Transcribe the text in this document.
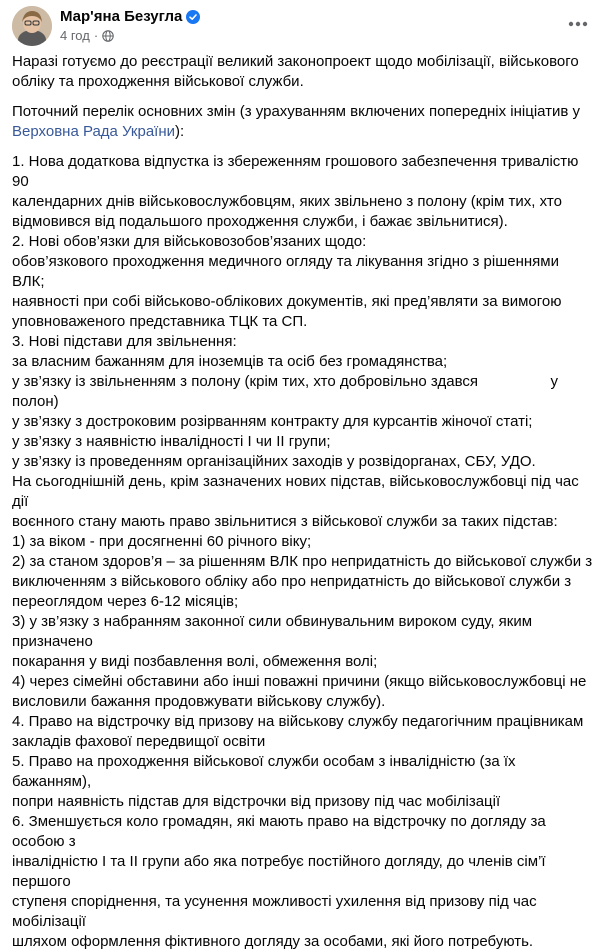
Мар'яна Безугла
4 год ·

Наразі готуємо до реєстрації великий законопроект щодо мобілізації, військового обліку та проходження військової служби.

Поточний перелік основних змін (з урахуванням включених попередніх ініціатив у Верховна Рада України):

1. Нова додаткова відпустка із збереженням грошового забезпечення тривалістю 90

календарних днів військовослужбовцям, яких звільнено з полону (крім тих, хто

відмовився від подальшого проходження служби, і бажає звільнитися).

2. Нові обов’язки для військовозобов’язаних щодо:

обов’язкового проходження медичного огляду та лікування згідно з рішеннями ВЛК;

наявності при собі військово-облікових документів, які пред’являти за вимогою

уповноваженого представника ТЦК та СП.

3. Нові підстави для звільнення:

за власним бажанням для іноземців та осіб без громадянства;

у зв’язку із звільненням з полону (крім тих, хто добровільно здався	у

полон)

у зв’язку з достроковим розірванням контракту для курсантів жіночої статі;

у зв’язку з наявністю інвалідності I чи II групи;

у зв’язку із проведенням організаційних заходів у розвідорганах, СБУ, УДО.

На сьогоднішній день, крім зазначених нових підстав, військовослужбовці під час дії

воєнного стану мають право звільнитися з військової служби за таких підстав:

1) за віком - при досягненні 60 річного віку;

2) за станом здоров’я – за рішенням ВЛК про непридатність до військової служби з

виключенням з військового обліку або про непридатність до військової служби з

переоглядом через 6-12 місяців;

3) у зв’язку з набранням законної сили обвинувальним вироком суду, яким призначено

покарання у виді позбавлення волі, обмеження волі;

4) через сімейні обставини або інші поважні причини (якщо військовослужбовці не

висловили бажання продовжувати військову службу).

4. Право на відстрочку від призову на військову службу педагогічним працівникам

закладів фахової передвищої освіти

5. Право на проходження військової служби особам з інвалідністю (за їх бажанням),

попри наявність підстав для відстрочки від призову під час мобілізації

6. Зменшується коло громадян, які мають право на відстрочку по догляду за особою з

інвалідністю I та II групи або яка потребує постійного догляду, до членів сім’ї першого

ступеня споріднення, та усунення можливості ухилення від призову під час мобілізації

шляхом оформлення фіктивного догляду за особами, які його потребують.
